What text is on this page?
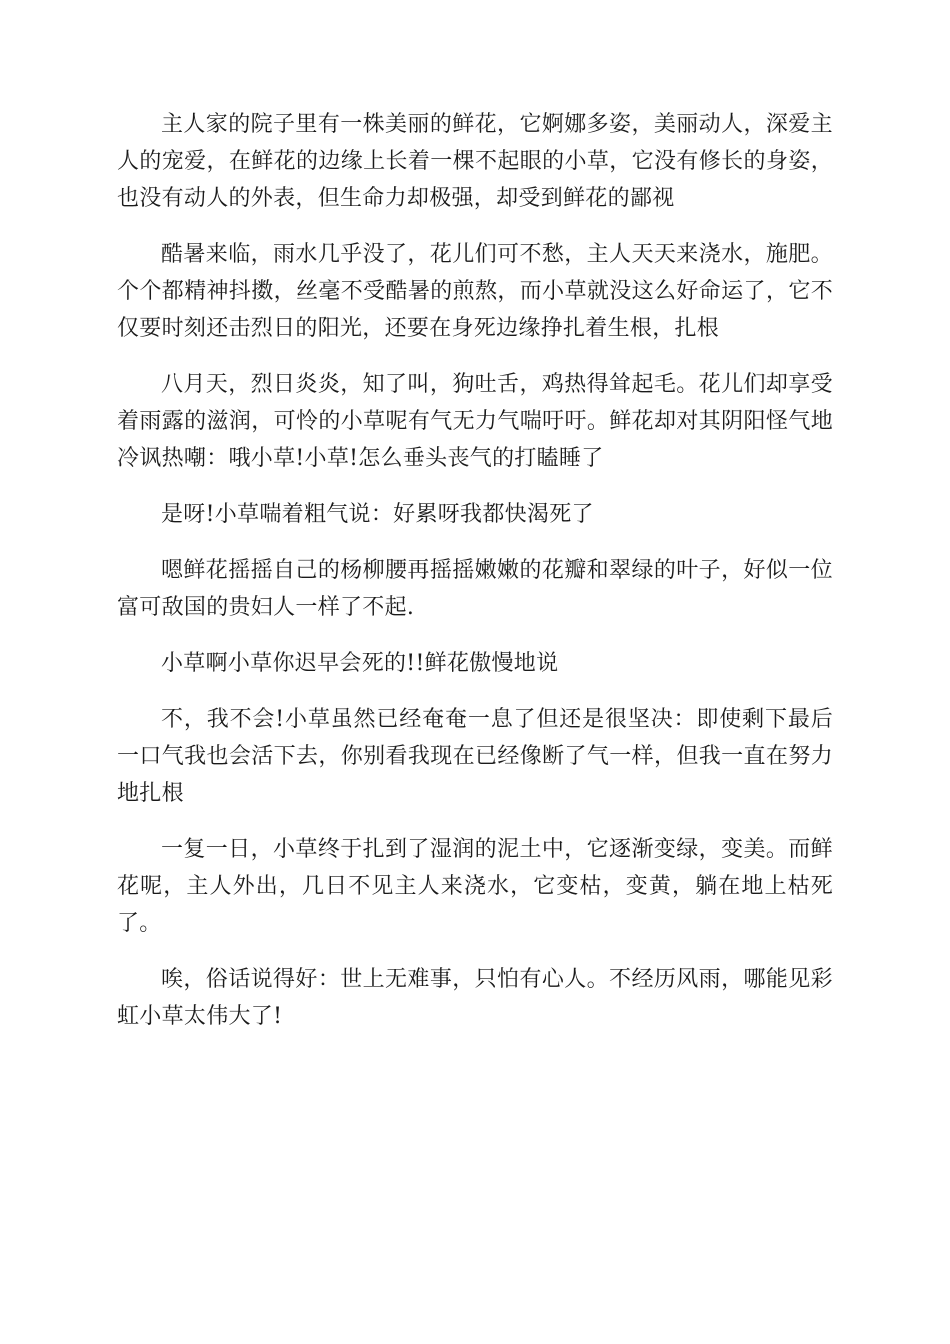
主人家的院子里有一株美丽的鲜花，它婀娜多姿，美丽动人，深爱主人的宠爱，在鲜花的边缘上长着一棵不起眼的小草，它没有修长的身姿，也没有动人的外表，但生命力却极强，却受到鲜花的鄙视

酷暑来临，雨水几乎没了，花儿们可不愁，主人天天来浇水，施肥。个个都精神抖擞，丝毫不受酷暑的煎熬，而小草就没这么好命运了，它不仅要时刻还击烈日的阳光，还要在身死边缘挣扎着生根，扎根

八月天，烈日炎炎，知了叫，狗吐舌，鸡热得耸起毛。花儿们却享受着雨露的滋润，可怜的小草呢有气无力气喘吁吁。鲜花却对其阴阳怪气地冷讽热嘲：哦小草!小草!怎么垂头丧气的打瞌睡了

是呀!小草喘着粗气说：好累呀我都快渴死了

嗯鲜花摇摇自己的杨柳腰再摇摇嫩嫩的花瓣和翠绿的叶子，好似一位富可敌国的贵妇人一样了不起.

小草啊小草你迟早会死的!!鲜花傲慢地说

不，我不会!小草虽然已经奄奄一息了但还是很坚决：即使剩下最后一口气我也会活下去，你别看我现在已经像断了气一样，但我一直在努力地扎根

一复一日，小草终于扎到了湿润的泥土中，它逐渐变绿，变美。而鲜花呢，主人外出，几日不见主人来浇水，它变枯，变黄，躺在地上枯死了。

唉，俗话说得好：世上无难事，只怕有心人。不经历风雨，哪能见彩虹小草太伟大了!
